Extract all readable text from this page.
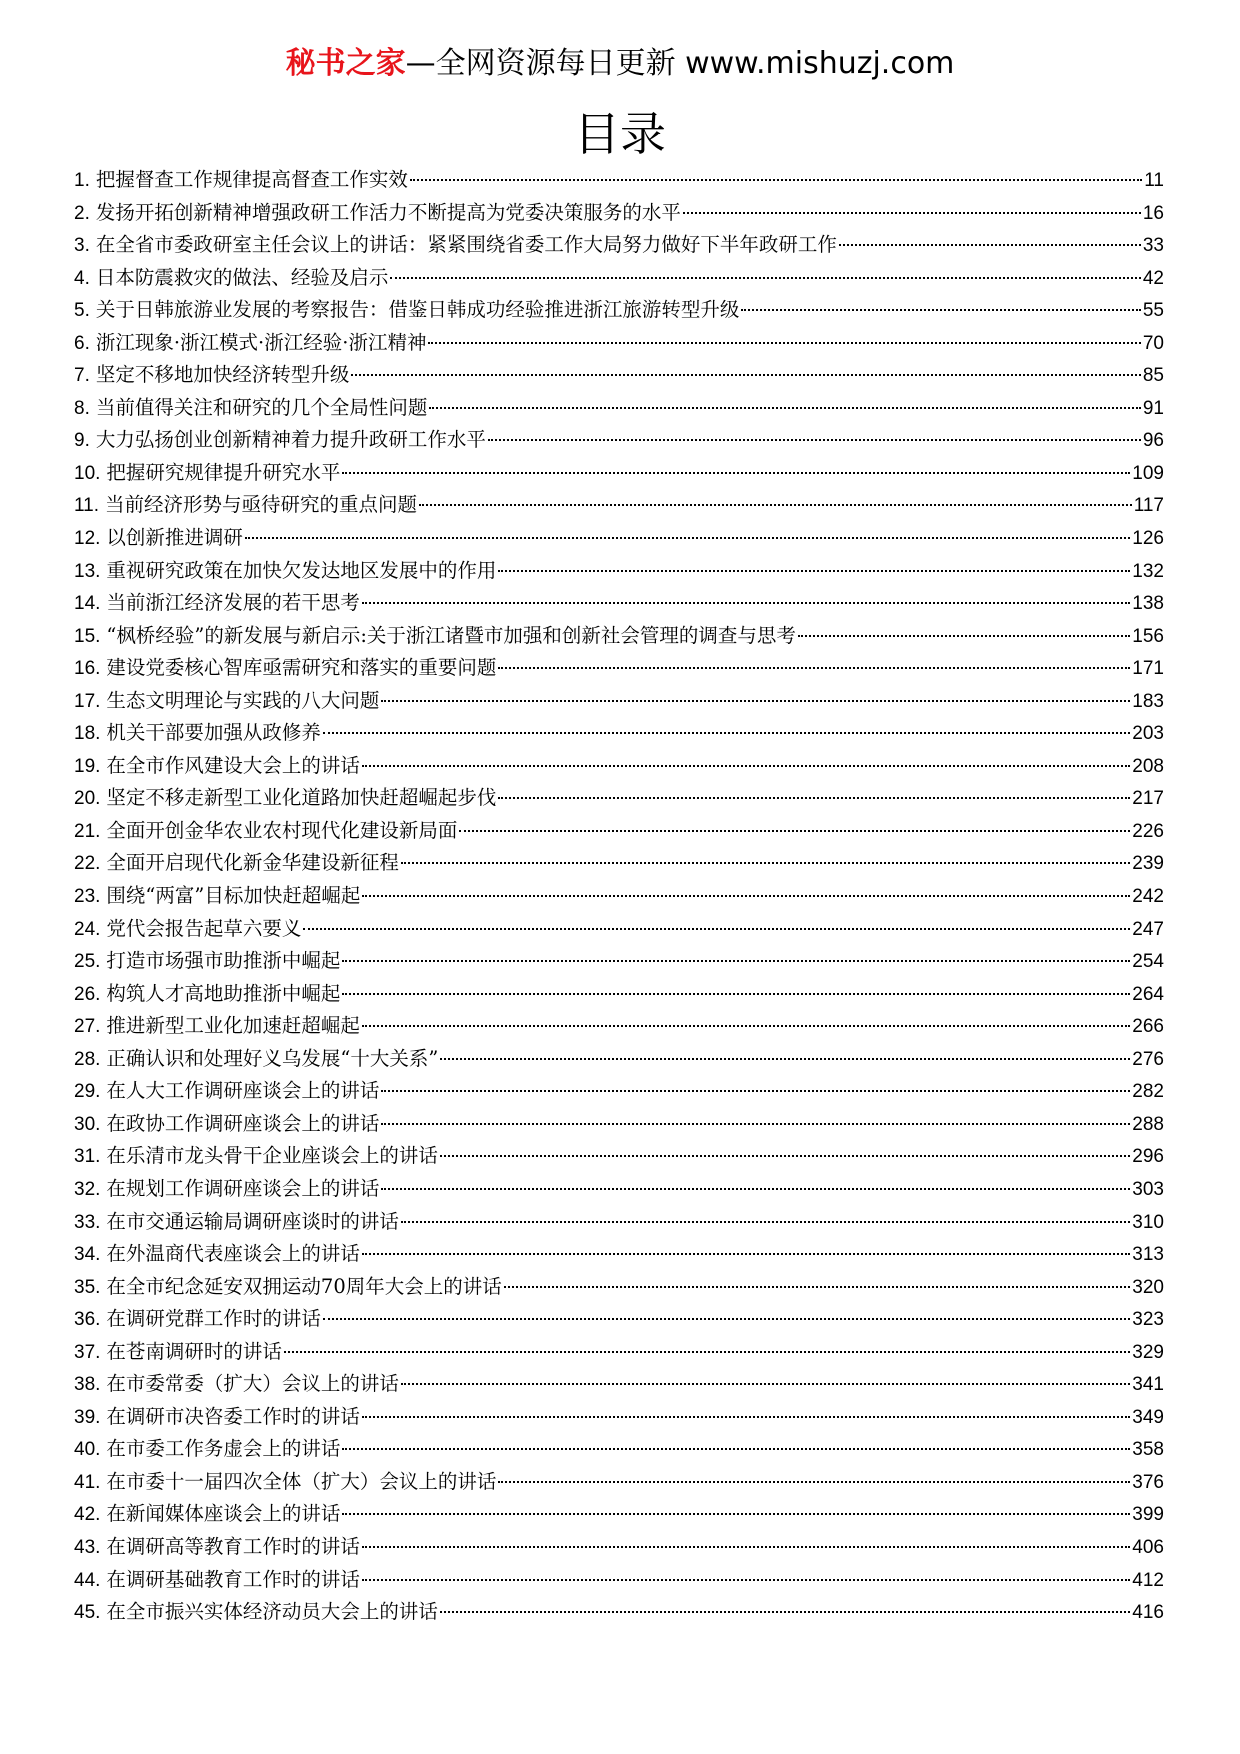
秘书之家—全网资源每日更新 www.mishuzj.com
目录
1. 把握督查工作规律提高督查工作实效	11
2. 发扬开拓创新精神增强政研工作活力不断提高为党委决策服务的水平	16
3. 在全省市委政研室主任会议上的讲话：紧紧围绕省委工作大局努力做好下半年政研工作	33
4. 日本防震救灾的做法、经验及启示	42
5. 关于日韩旅游业发展的考察报告：借鉴日韩成功经验推进浙江旅游转型升级	55
6. 浙江现象·浙江模式·浙江经验·浙江精神	70
7. 坚定不移地加快经济转型升级	85
8. 当前值得关注和研究的几个全局性问题	91
9. 大力弘扬创业创新精神着力提升政研工作水平	96
10. 把握研究规律提升研究水平	109
11. 当前经济形势与亟待研究的重点问题	117
12. 以创新推进调研	126
13. 重视研究政策在加快欠发达地区发展中的作用	132
14. 当前浙江经济发展的若干思考	138
15. “枫桥经验”的新发展与新启示:关于浙江诸暨市加强和创新社会管理的调查与思考	156
16. 建设党委核心智库亟需研究和落实的重要问题	171
17. 生态文明理论与实践的八大问题	183
18. 机关干部要加强从政修养	203
19. 在全市作风建设大会上的讲话	208
20. 坚定不移走新型工业化道路加快赶超崛起步伐	217
21. 全面开创金华农业农村现代化建设新局面	226
22. 全面开启现代化新金华建设新征程	239
23. 围绕“两富”目标加快赶超崛起	242
24. 党代会报告起草六要义	247
25. 打造市场强市助推浙中崛起	254
26. 构筑人才高地助推浙中崛起	264
27. 推进新型工业化加速赶超崛起	266
28. 正确认识和处理好义乌发展“十大关系”	276
29. 在人大工作调研座谈会上的讲话	282
30. 在政协工作调研座谈会上的讲话	288
31. 在乐清市龙头骨干企业座谈会上的讲话	296
32. 在规划工作调研座谈会上的讲话	303
33. 在市交通运输局调研座谈时的讲话	310
34. 在外温商代表座谈会上的讲话	313
35. 在全市纪念延安双拥运动70周年大会上的讲话	320
36. 在调研党群工作时的讲话	323
37. 在苍南调研时的讲话	329
38. 在市委常委（扩大）会议上的讲话	341
39. 在调研市决咨委工作时的讲话	349
40. 在市委工作务虚会上的讲话	358
41. 在市委十一届四次全体（扩大）会议上的讲话	376
42. 在新闻媒体座谈会上的讲话	399
43. 在调研高等教育工作时的讲话	406
44. 在调研基础教育工作时的讲话	412
45. 在全市振兴实体经济动员大会上的讲话	416
